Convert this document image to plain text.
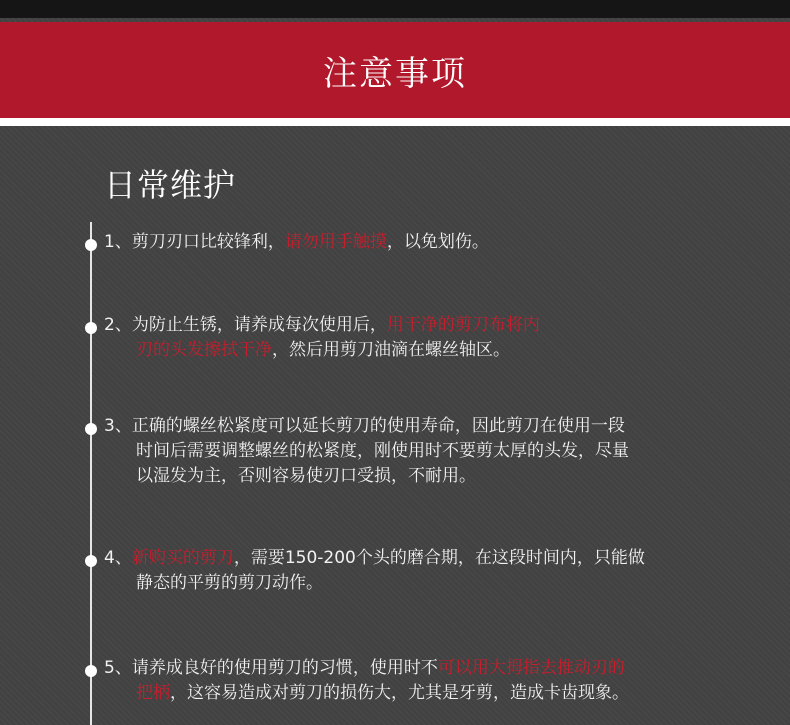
注意事项
日常维护
1、剪刀刃口比较锋利，请勿用手触摸，以免划伤。
2、为防止生锈，请养成每次使用后，用干净的剪刀布将内
刃的头发擦拭干净，然后用剪刀油滴在螺丝轴区。
3、正确的螺丝松紧度可以延长剪刀的使用寿命，因此剪刀在使用一段
时间后需要调整螺丝的松紧度，刚使用时不要剪太厚的头发，尽量
以湿发为主，否则容易使刃口受损，不耐用。
4、新购买的剪刀，需要150-200个头的磨合期，在这段时间内，只能做
静态的平剪的剪刀动作。
5、请养成良好的使用剪刀的习惯，使用时不可以用大拇指去推动刃的
把柄，这容易造成对剪刀的损伤大，尤其是牙剪，造成卡齿现象。
